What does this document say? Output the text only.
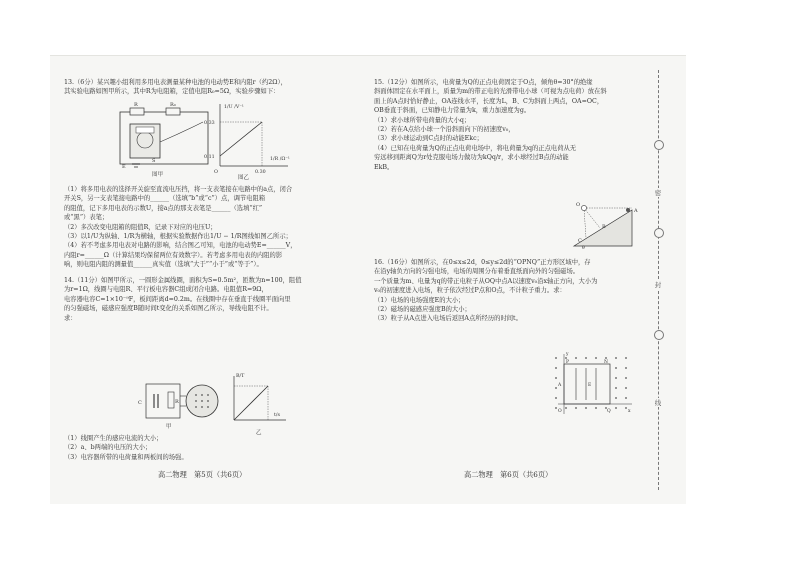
13.（6分）某兴趣小组利用多用电表测量某种电池的电动势E和内阻r（约2Ω），

其实验电路如图甲所示，其中R为电阻箱，定值电阻R₀=5Ω，实验步骤如下：

R	R₀
E
S
图甲
1/U /V⁻¹
1/R /Ω⁻¹
0.33
0.11
0.30
O
图乙

（1）将多用电表的选择开关旋至直流电压挡，将一支表笔接在电路中的a点，闭合

开关S，另一支表笔接电路中的______（选填“b”或“c”）点，调节电阻箱

的阻值，记下多用电表的示数U，接a点的那支表笔是______（选填“红”

或“黑”）表笔；

（2）多次改变电阻箱的阻值R，记录下对应的电压U；

（3）以1/U为纵轴、1/R为横轴，根据实验数据作出1/U − 1/R图线如图乙所示；

（4）若不考虑多用电表对电路的影响，结合图乙可知，电池的电动势E=______V，

内阻r=______Ω（计算结果均保留两位有效数字）。若考虑多用电表的内阻的影

响，则电阻内阻的测量值______真实值（选填“大于”“小于”或“等于”）。

14.（11分）如图甲所示，一圆形金属线圈，面积为S=0.5m²，匝数为n=100，阻值

为r=1Ω，线圈与电阻R、平行板电容器C组成闭合电路。电阻值R=9Ω，

电容器电容C=1×10⁻⁹F，板间距离d=0.2m。在线圈中存在垂直于线圈平面向里

的匀强磁场，磁感应强度B随时间t变化的关系如图乙所示，导线电阻不计。

求：

C	R
甲
B/T
t/s
乙

（1）线圈产生的感应电流的大小；

（2）a、b两端的电压的大小；

（3）电容器所带的电荷量和两板间的场强。

15.（12分）如图所示，电荷量为Q的正点电荷固定于O点，倾角θ=30°的绝缘

斜面体固定在水平面上，质量为m的带正电的光滑带电小球（可视为点电荷）放在斜

面上的A点时恰好静止，OA连线水平，长度为L，B、C为斜面上两点，OA=OC，

OB垂直于斜面，已知静电力常量为k，重力加速度为g。

（1）求小球所带电荷量的大小q；

（2）若在A点给小球一个沿斜面向下的初速度v₀，

（3）求小球运动到C点时的动能Ekc；

（4）已知在电荷量为Q的正点电荷电场中，将电荷量为q的正点电荷从无

穷远移到距离Q为r处克服电场力做功为kQq/r，求小球经过B点的动能

EkB。

O
B
C
A
θ

16.（16分）如图所示，在0≤x≤2d，0≤y≤2d的“OPNQ”正方形区域中，存

在沿y轴负方向的匀强电场，电场的周围分布着垂直纸面向外的匀强磁场。

一个质量为m、电量为q的带正电粒子从OQ中点A以速度v₀沿x轴正方向，大小为

v₀的初速度进入电场，粒子依次经过P点和O点，不计粒子重力。求：

（1）电场的电场强度E的大小；

（2）磁场的磁感应强度B的大小；

（3）粒子从A点进入电场后返回A点所经历的时间t。

y
P	N
E
A
O	Q	x
高二物理　第5页（共6页）	高二物理　第6页（共6页）
密
封
线
